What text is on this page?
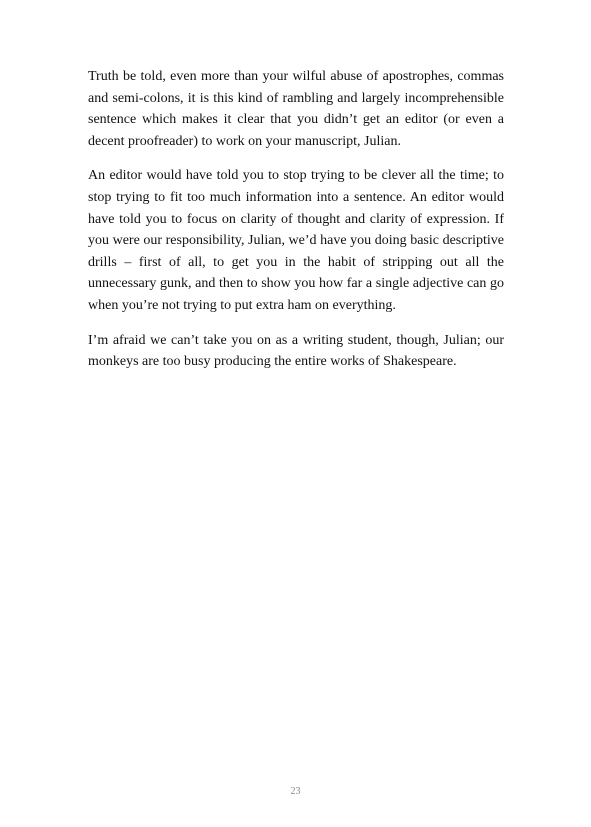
Truth be told, even more than your wilful abuse of apostrophes, commas and semi-colons, it is this kind of rambling and largely incomprehensible sentence which makes it clear that you didn’t get an editor (or even a decent proofreader) to work on your manuscript, Julian.

An editor would have told you to stop trying to be clever all the time; to stop trying to fit too much information into a sentence. An editor would have told you to focus on clarity of thought and clarity of expression. If you were our responsibility, Julian, we’d have you doing basic descriptive drills – first of all, to get you in the habit of stripping out all the unnecessary gunk, and then to show you how far a single adjective can go when you’re not trying to put extra ham on everything.

I’m afraid we can’t take you on as a writing student, though, Julian; our monkeys are too busy producing the entire works of Shakespeare.

23
